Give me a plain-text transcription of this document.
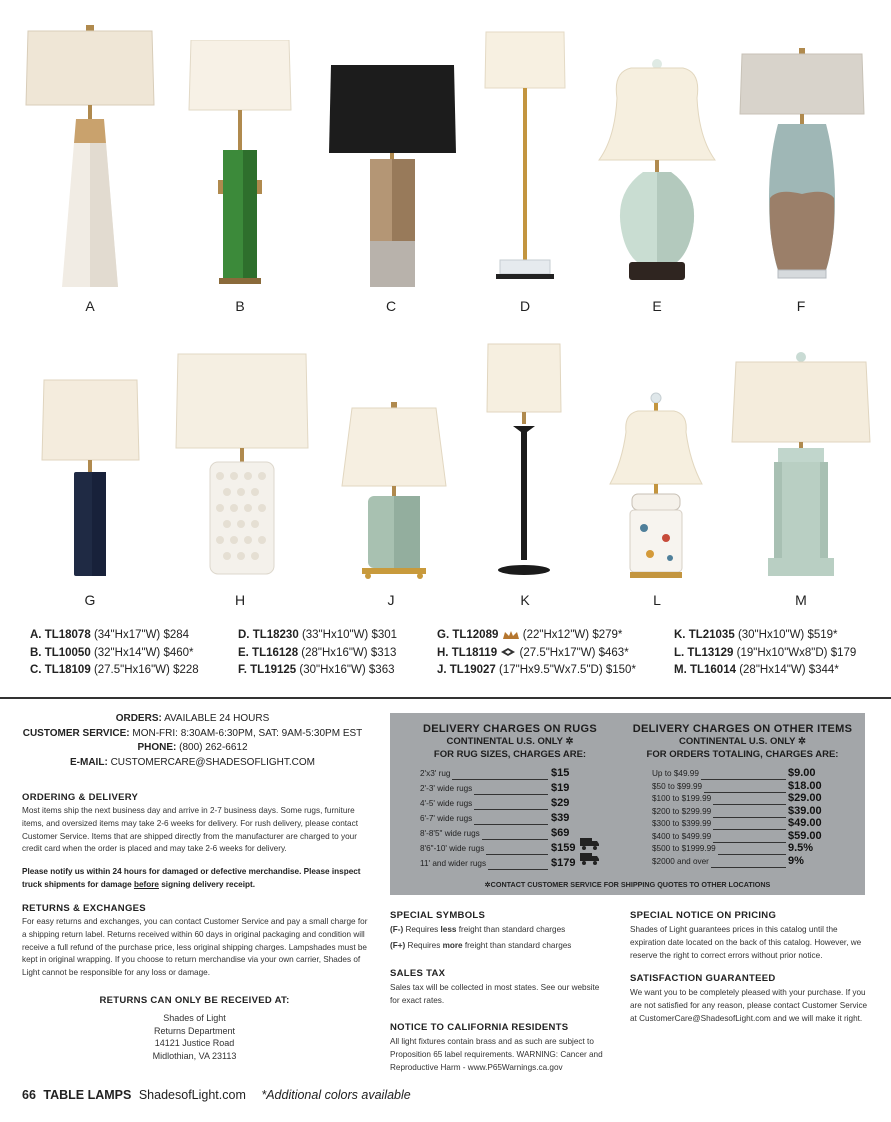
A	B	C	D	E	F
G	H	J	K	L	M
A. TL18078 (34"Hx17"W) $284
B. TL10050 (32"Hx14"W) $460*
C. TL18109 (27.5"Hx16"W) $228
D. TL18230 (33"Hx10"W) $301
E. TL16128 (28"Hx16"W) $313
F. TL19125 (30"Hx16"W) $363
G. TL12089 (22"Hx12"W) $279*
H. TL18119 (27.5"Hx17"W) $463*
J. TL19027 (17"Hx9.5"Wx7.5"D) $150*
K. TL21035 (30"Hx10"W) $519*
L. TL13129 (19"Hx10"Wx8"D) $179
M. TL16014 (28"Hx14"W) $344*
ORDERS: AVAILABLE 24 HOURS
CUSTOMER SERVICE: MON-FRI: 8:30AM-6:30PM, SAT: 9AM-5:30PM EST
PHONE: (800) 262-6612
E-MAIL: CUSTOMERCARE@SHADESOFLIGHT.COM
ORDERING & DELIVERY
Most items ship the next business day and arrive in 2-7 business days. Some rugs, furniture items, and oversized items may take 2-6 weeks for delivery. For rush delivery, please contact Customer Service. Items that are shipped directly from the manufacturer are charged to your credit card when the order is placed and may take 2-6 weeks for delivery.
Please notify us within 24 hours for damaged or defective merchandise. Please inspect truck shipments for damage before signing delivery receipt.
RETURNS & EXCHANGES
For easy returns and exchanges, you can contact Customer Service and pay a small charge for a shipping return label. Returns received within 60 days in original packaging and condition will receive a full refund of the purchase price, less original shipping charges. Lampshades must be kept in original wrapping. If you choose to return merchandise via your own carrier, Shades of Light cannot be responsible for any loss or damage.
RETURNS CAN ONLY BE RECEIVED AT:
Shades of Light
Returns Department
14121 Justice Road
Midlothian, VA 23113
DELIVERY CHARGES ON RUGS
CONTINENTAL U.S. ONLY ✲
FOR RUG SIZES, CHARGES ARE:
DELIVERY CHARGES ON OTHER ITEMS
CONTINENTAL U.S. ONLY ✲
FOR ORDERS TOTALING, CHARGES ARE:
2'x3' rug	$15
2'-3' wide rugs	$19
4'-5' wide rugs	$29
6'-7' wide rugs	$39
8'-8'5" wide rugs	$69
8'6"-10' wide rugs	$159
11' and wider rugs	$179
Up to $49.99	$9.00
$50 to $99.99	$18.00
$100 to $199.99	$29.00
$200 to $299.99	$39.00
$300 to $399.99	$49.00
$400 to $499.99	$59.00
$500 to $1999.99	9.5%
$2000 and over	9%
✲CONTACT CUSTOMER SERVICE FOR SHIPPING QUOTES TO OTHER LOCATIONS
SPECIAL SYMBOLS
(F-) Requires less freight than standard charges
(F+) Requires more freight than standard charges
SALES TAX
Sales tax will be collected in most states. See our website for exact rates.
NOTICE TO CALIFORNIA RESIDENTS
All light fixtures contain brass and as such are subject to Proposition 65 label requirements. WARNING: Cancer and Reproductive Harm - www.P65Warnings.ca.gov
SPECIAL NOTICE ON PRICING
Shades of Light guarantees prices in this catalog until the expiration date located on the back of this catalog. However, we reserve the right to correct errors without prior notice.
SATISFACTION GUARANTEED
We want you to be completely pleased with your purchase. If you are not satisfied for any reason, please contact Customer Service at CustomerCare@ShadesofLight.com and we will make it right.
66 TABLE LAMPS ShadesofLight.com *Additional colors available
